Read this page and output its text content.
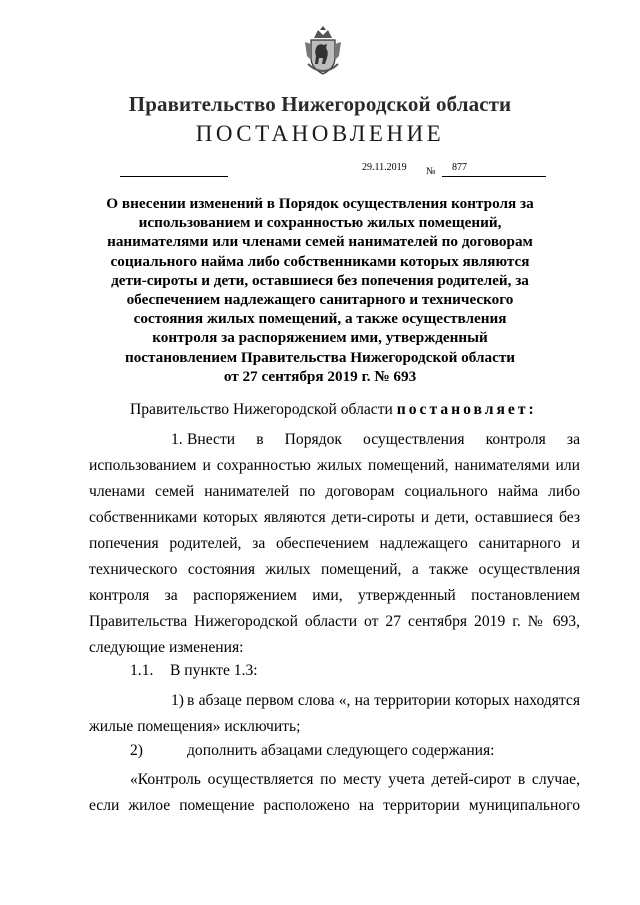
Правительство Нижегородской области
ПОСТАНОВЛЕНИЕ
29.11.2019 № 877
О внесении изменений в Порядок осуществления контроля за
использованием и сохранностью жилых помещений,
нанимателями или членами семей нанимателей по договорам
социального найма либо собственниками которых являются
дети-сироты и дети, оставшиеся без попечения родителей, за
обеспечением надлежащего санитарного и технического
состояния жилых помещений, а также осуществления
контроля за распоряжением ими, утвержденный
постановлением Правительства Нижегородской области
от 27 сентября 2019 г. № 693
Правительство Нижегородской области постановляет:
1. Внести в Порядок осуществления контроля за использованием и сохранностью жилых помещений, нанимателями или членами семей нанимателей по договорам социального найма либо собственниками которых являются дети-сироты и дети, оставшиеся без попечения родителей, за обеспечением надлежащего санитарного и технического состояния жилых помещений, а также осуществления контроля за распоряжением ими, утвержденный постановлением Правительства Нижегородской области от 27 сентября 2019 г. № 693, следующие изменения:
1.1. В пункте 1.3:
1) в абзаце первом слова «, на территории которых находятся жилые помещения» исключить;
2)	дополнить абзацами следующего содержания:
«Контроль осуществляется по месту учета детей-сирот в случае, если жилое помещение расположено на территории муниципального
